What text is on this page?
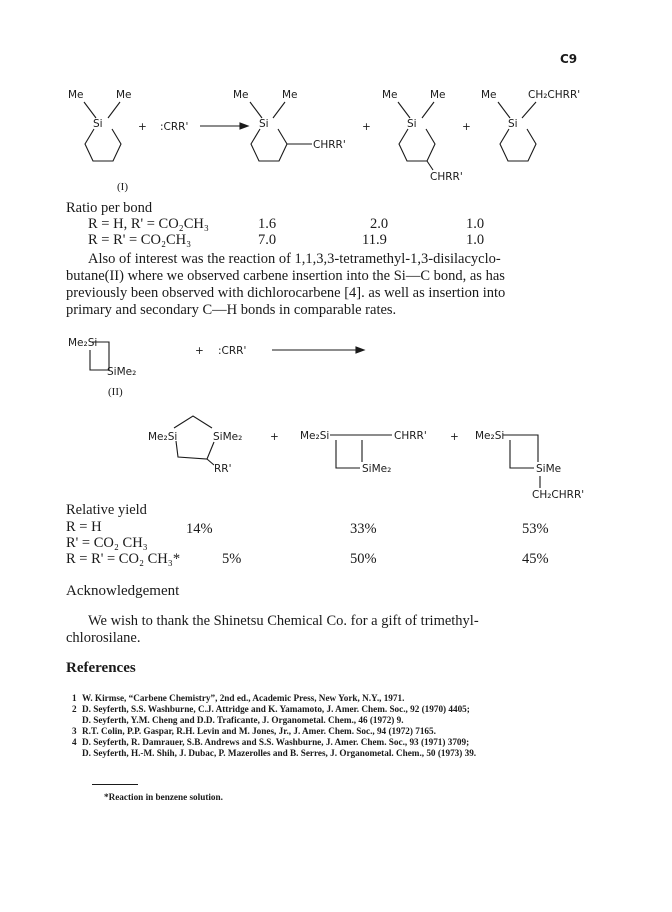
C9
Me	Me
Si	+ :CRR'
(I)
Me	Me
Si
CHRR'
+
Me	Me
Si
CHRR'
+
Me	CH₂CHRR'
Si
Ratio per bond
R = H, R' = CO₂CH₃	1.6	2.0	1.0
R = R' = CO₂CH₃	7.0	11.9	1.0
Also of interest was the reaction of 1,1,3,3-tetramethyl-1,3-disilacyclo-
butane(II) where we observed carbene insertion into the Si—C bond, as has
previously been observed with dichlorocarbene [4]. as well as insertion into
primary and secondary C—H bonds in comparable rates.
Me₂Si
SiMe₂
+ :CRR'
(II)
Me₂Si	SiMe₂
RR'
+ Me₂Si	CHRR'
SiMe₂
+ Me₂Si
SiMe
CH₂CHRR'
Relative yield
R = H	14%	33%	53%
R' = CO₂ CH₃
R = R' = CO₂ CH₃*	5%	50%	45%
Acknowledgement
We wish to thank the Shinetsu Chemical Co. for a gift of trimethyl-
chlorosilane.
References
1 W. Kirmse, “Carbene Chemistry”, 2nd ed., Academic Press, New York, N.Y., 1971.
2 D. Seyferth, S.S. Washburne, C.J. Attridge and K. Yamamoto, J. Amer. Chem. Soc., 92 (1970) 4405;
D. Seyferth, Y.M. Cheng and D.D. Traficante, J. Organometal. Chem., 46 (1972) 9.
3 R.T. Colin, P.P. Gaspar, R.H. Levin and M. Jones, Jr., J. Amer. Chem. Soc., 94 (1972) 7165.
4 D. Seyferth, R. Damrauer, S.B. Andrews and S.S. Washburne, J. Amer. Chem. Soc., 93 (1971) 3709;
D. Seyferth, H.-M. Shih, J. Dubac, P. Mazerolles and B. Serres, J. Organometal. Chem., 50 (1973) 39.
*Reaction in benzene solution.
